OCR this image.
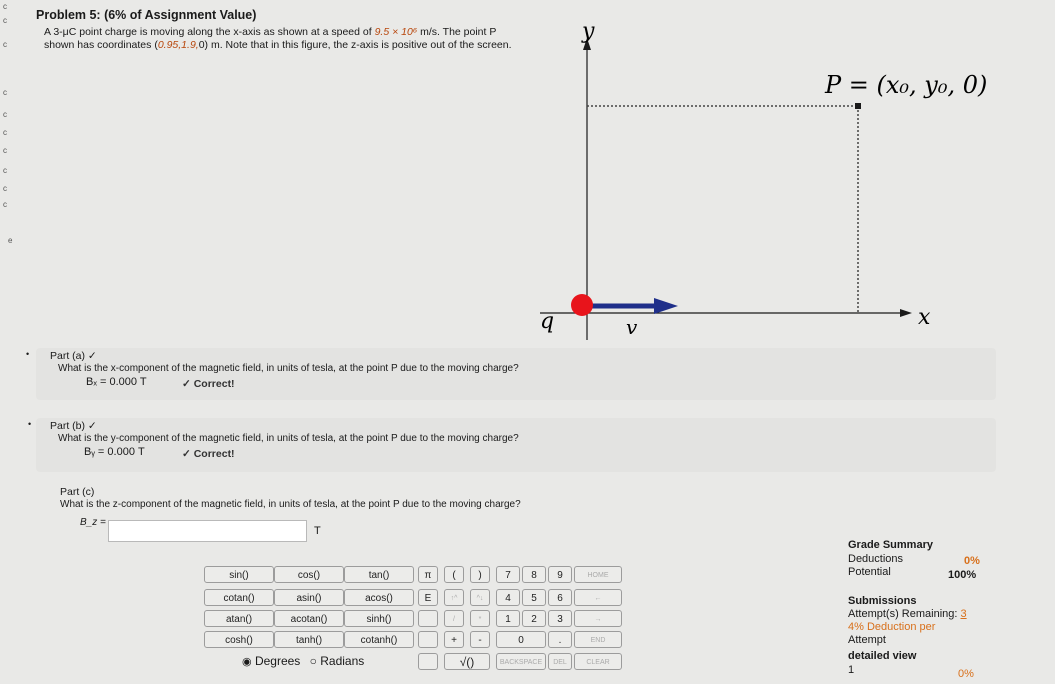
c
c
c
c
c
c
c
c
c
c
e
Problem 5: (6% of Assignment Value)
A 3-μC point charge is moving along the x-axis as shown at a speed of 9.5 × 10⁶ m/s. The point P
shown has coordinates (0.95,1.9,0) m. Note that in this figure, the z-axis is positive out of the screen.
y
P = (x₀, y₀, 0)
x
q	v
Part (a) ✓
What is the x-component of the magnetic field, in units of tesla, at the point P due to the moving charge?
Bₓ = 0.000 T	✓ Correct!
•
Part (b) ✓
What is the y-component of the magnetic field, in units of tesla, at the point P due to the moving charge?
Bᵧ = 0.000 T	✓ Correct!
•
Part (c)
What is the z-component of the magnetic field, in units of tesla, at the point P due to the moving charge?
B_z =
T
sin()	cos()	tan()
cotan()	asin()	acos()
atan()	acotan()	sinh()
cosh()	tanh()	cotanh()
π	(	)
E	↑^	^↓
/	*
+	-
√()
7	8	9
4	5	6
1	2	3
0	.
HOME
←
→
END
BACKSPACE	DEL	CLEAR
◉ Degrees ○ Radians
Grade Summary
Deductions	0%
Potential	100%
Submissions
Attempt(s) Remaining: 3
4% Deduction per
Attempt
detailed view
1	0%
